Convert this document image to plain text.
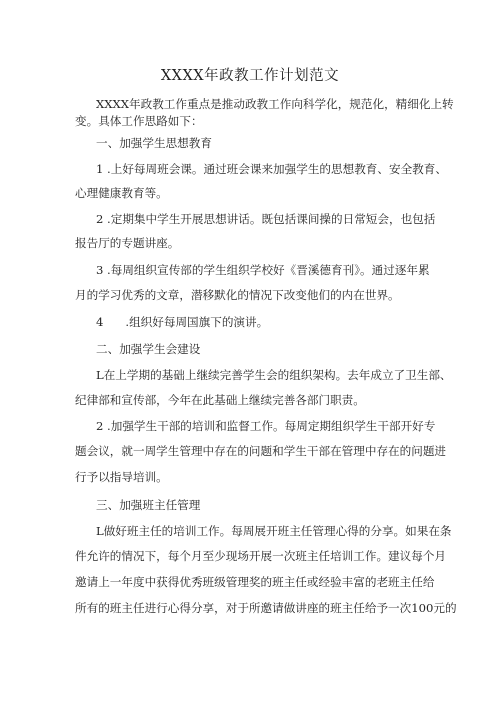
XXXX年政教工作计划范文
XXXX年政教工作重点是推动政教工作向科学化，规范化，精细化上转
变。具体工作思路如下：
一、加强学生思想教育
1 .上好每周班会课。通过班会课来加强学生的思想教育、安全教育、
心理健康教育等。
2 .定期集中学生开展思想讲话。既包括课间操的日常短会，也包括
报告厅的专题讲座。
3 .每周组织宣传部的学生组织学校好《晋溪德育刊》。通过逐年累
月的学习优秀的文章，潜移默化的情况下改变他们的内在世界。
4 .组织好每周国旗下的演讲。
二、加强学生会建设
L在上学期的基础上继续完善学生会的组织架构。去年成立了卫生部、
纪律部和宣传部，今年在此基础上继续完善各部门职责。
2 .加强学生干部的培训和监督工作。每周定期组织学生干部开好专
题会议，就一周学生管理中存在的问题和学生干部在管理中存在的问题进
行予以指导培训。
三、加强班主任管理
L做好班主任的培训工作。每周展开班主任管理心得的分享。如果在条
件允许的情况下，每个月至少现场开展一次班主任培训工作。建议每个月
邀请上一年度中获得优秀班级管理奖的班主任或经验丰富的老班主任给
所有的班主任进行心得分享，对于所邀请做讲座的班主任给予一次100元的
